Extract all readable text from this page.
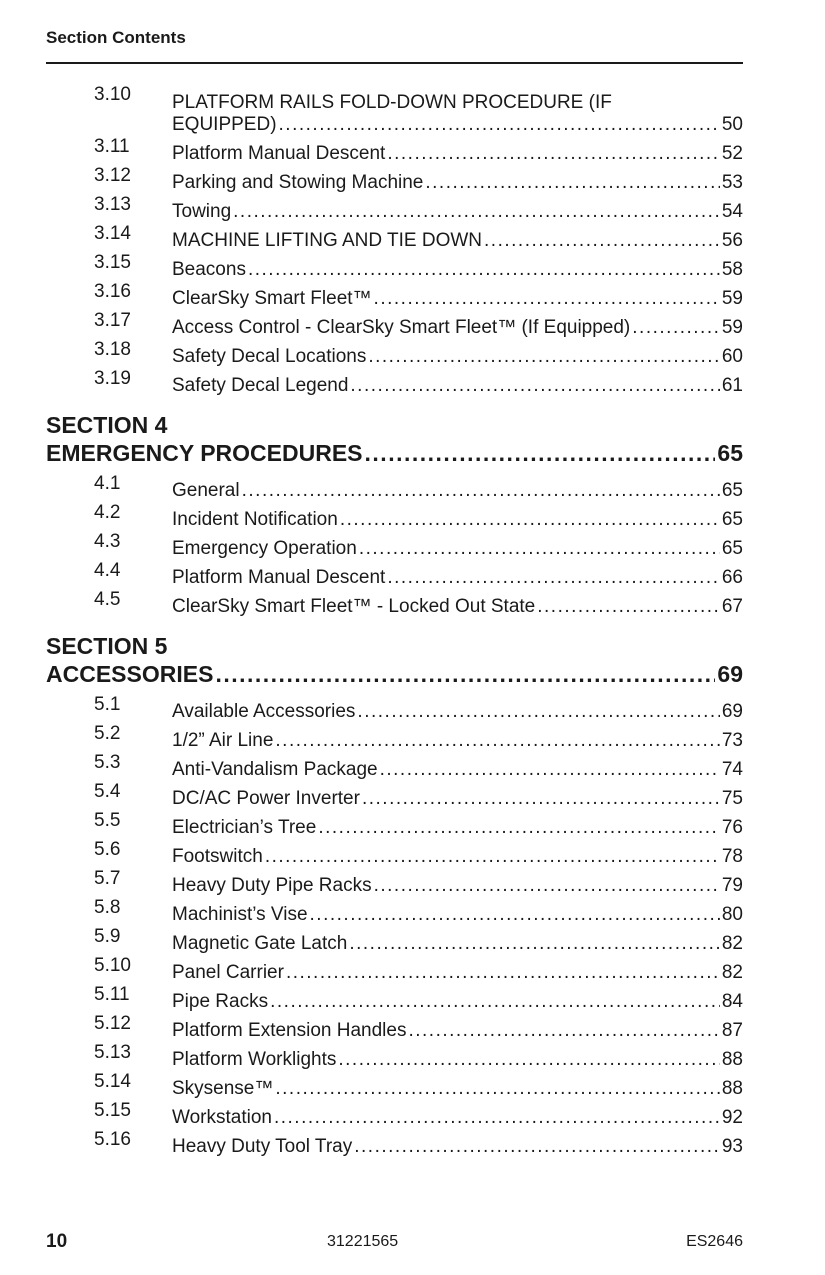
Section Contents
3.10	PLATFORM RAILS FOLD-DOWN PROCEDURE (IF
EQUIPPED) .....	50
3.11	Platform Manual Descent .....	52
3.12	Parking and Stowing Machine .....	53
3.13	Towing .....	54
3.14	MACHINE LIFTING AND TIE DOWN .....	56
3.15	Beacons .....	58
3.16	ClearSky Smart Fleet™ .....	59
3.17	Access Control - ClearSky Smart Fleet™ (If Equipped) .....	59
3.18	Safety Decal Locations .....	60
3.19	Safety Decal Legend .....	61
SECTION 4
EMERGENCY PROCEDURES .....	65
4.1	General .....	65
4.2	Incident Notification .....	65
4.3	Emergency Operation .....	65
4.4	Platform Manual Descent .....	66
4.5	ClearSky Smart Fleet™ - Locked Out State .....	67
SECTION 5
ACCESSORIES .....	69
5.1	Available Accessories .....	69
5.2	1/2” Air Line .....	73
5.3	Anti-Vandalism Package .....	74
5.4	DC/AC Power Inverter .....	75
5.5	Electrician’s Tree .....	76
5.6	Footswitch .....	78
5.7	Heavy Duty Pipe Racks .....	79
5.8	Machinist’s Vise .....	80
5.9	Magnetic Gate Latch .....	82
5.10	Panel Carrier .....	82
5.11	Pipe Racks .....	84
5.12	Platform Extension Handles .....	87
5.13	Platform Worklights .....	88
5.14	Skysense™ .....	88
5.15	Workstation .....	92
5.16	Heavy Duty Tool Tray .....	93
10	31221565	ES2646
